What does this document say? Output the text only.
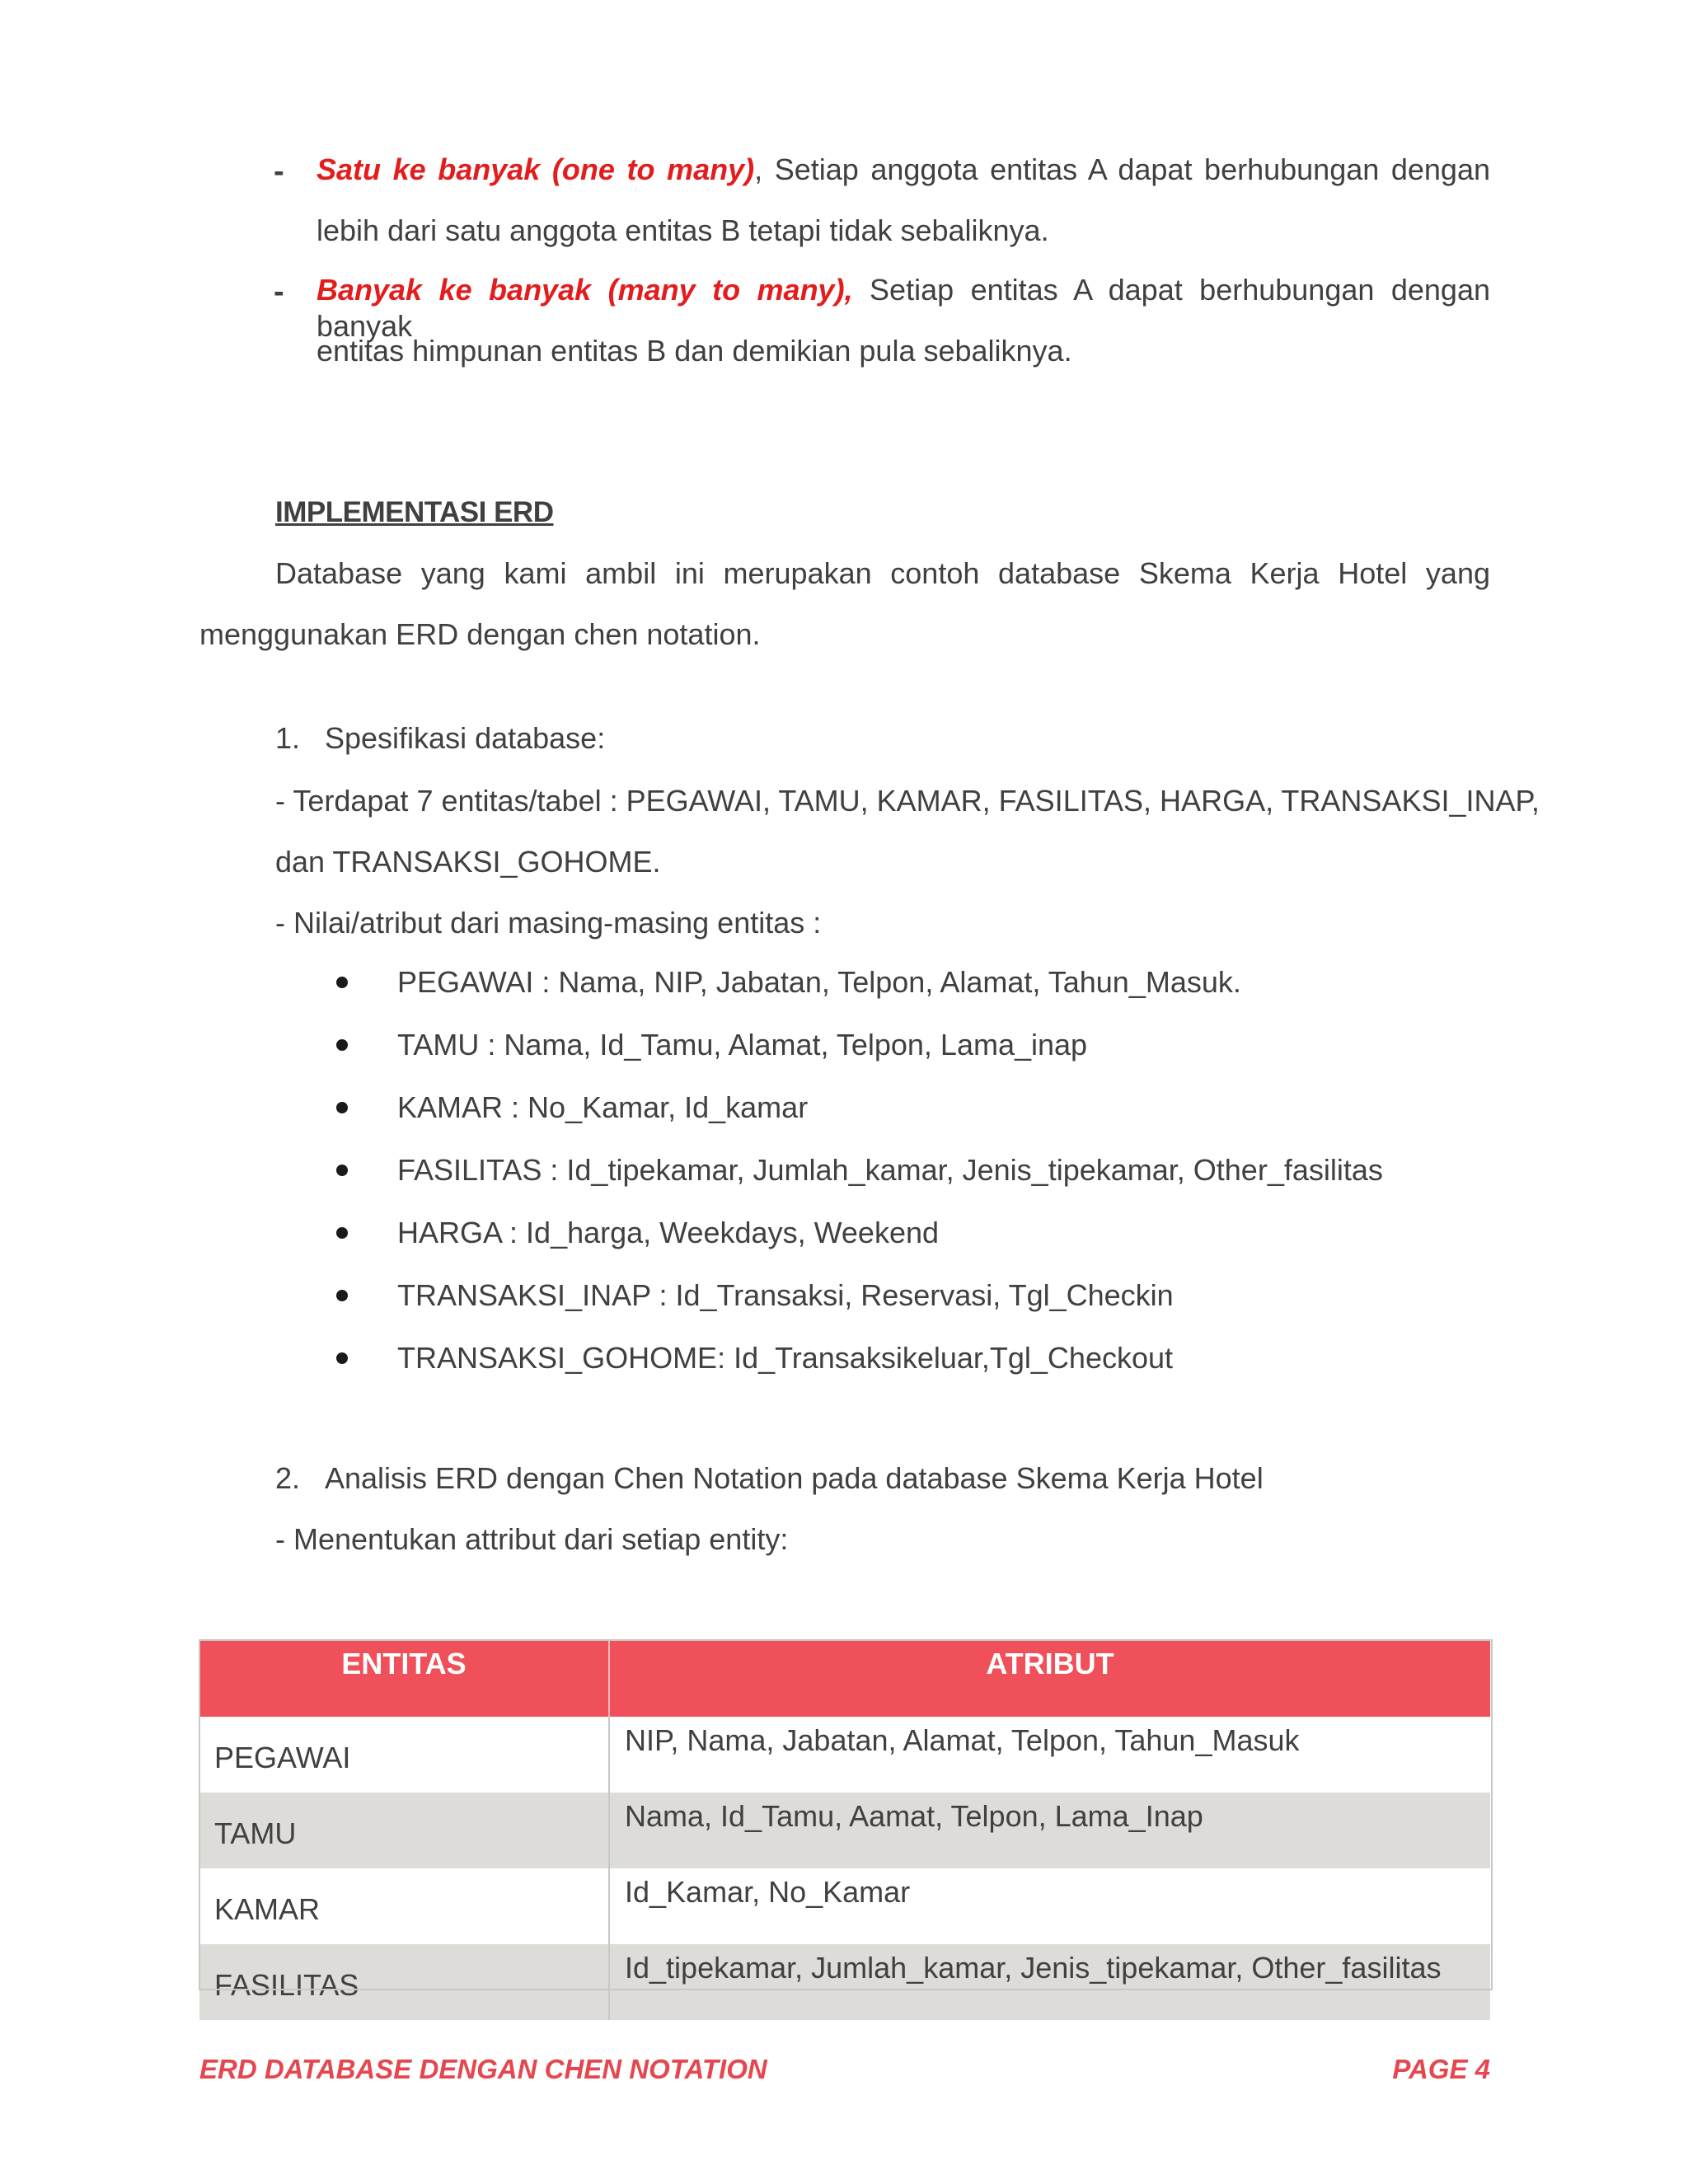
- Satu ke banyak (one to many), Setiap anggota entitas A dapat berhubungan dengan
lebih dari satu anggota entitas B tetapi tidak sebaliknya.
- Banyak ke banyak (many to many), Setiap entitas A dapat berhubungan dengan banyak
entitas himpunan entitas B dan demikian pula sebaliknya.
IMPLEMENTASI ERD
Database yang kami ambil ini merupakan contoh database Skema Kerja Hotel yang
menggunakan ERD dengan chen notation.
1. Spesifikasi database:
- Terdapat 7 entitas/tabel : PEGAWAI, TAMU, KAMAR, FASILITAS, HARGA, TRANSAKSI_INAP,
dan TRANSAKSI_GOHOME.
- Nilai/atribut dari masing-masing entitas :
PEGAWAI : Nama, NIP, Jabatan, Telpon, Alamat, Tahun_Masuk.
TAMU : Nama, Id_Tamu, Alamat, Telpon, Lama_inap
KAMAR : No_Kamar, Id_kamar
FASILITAS : Id_tipekamar, Jumlah_kamar, Jenis_tipekamar, Other_fasilitas
HARGA : Id_harga, Weekdays, Weekend
TRANSAKSI_INAP : Id_Transaksi, Reservasi, Tgl_Checkin
TRANSAKSI_GOHOME: Id_Transaksikeluar,Tgl_Checkout
2. Analisis ERD dengan Chen Notation pada database Skema Kerja Hotel
- Menentukan attribut dari setiap entity:
ENTITAS	ATRIBUT
PEGAWAI	NIP, Nama, Jabatan, Alamat, Telpon, Tahun_Masuk
TAMU	Nama, Id_Tamu, Aamat, Telpon, Lama_Inap
KAMAR	Id_Kamar, No_Kamar
FASILITAS	Id_tipekamar, Jumlah_kamar, Jenis_tipekamar, Other_fasilitas
ERD DATABASE DENGAN CHEN NOTATION	PAGE 4
